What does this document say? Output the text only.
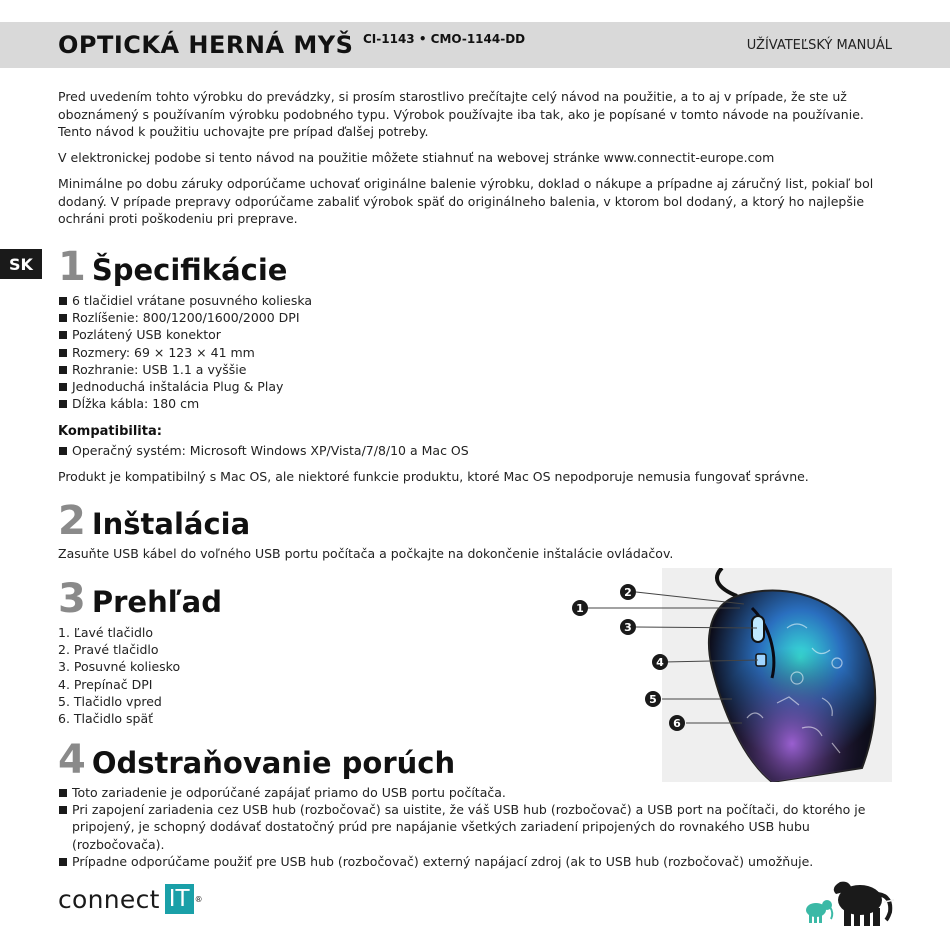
OPTICKÁ HERNÁ MYŠ CI-1143 • CMO-1144-DD	UŽÍVATEĽSKÝ MANUÁL
Pred uvedením tohto výrobku do prevádzky, si prosím starostlivo prečítajte celý návod na použitie, a to aj v prípade, že ste už oboznámený s používaním výrobku podobného typu. Výrobok používajte iba tak, ako je popísané v tomto návode na používanie. Tento návod k použitiu uchovajte pre prípad ďalšej potreby.
V elektronickej podobe si tento návod na použitie môžete stiahnuť na webovej stránke www.connectit-europe.com
Minimálne po dobu záruky odporúčame uchovať originálne balenie výrobku, doklad o nákupe a prípadne aj záručný list, pokiaľ bol dodaný. V prípade prepravy odporúčame zabaliť výrobok späť do originálneho balenia, v ktorom bol dodaný, a ktorý ho najlepšie ochráni proti poškodeniu pri preprave.
SK 1 Špecifikácie
6 tlačidiel vrátane posuvného kolieska
Rozlíšenie: 800/1200/1600/2000 DPI
Pozlátený USB konektor
Rozmery: 69 × 123 × 41 mm
Rozhranie: USB 1.1 a vyššie
Jednoduchá inštalácia Plug & Play
Dĺžka kábla: 180 cm
Kompatibilita:
Operačný systém: Microsoft Windows XP/Vista/7/8/10 a Mac OS
Produkt je kompatibilný s Mac OS, ale niektoré funkcie produktu, ktoré Mac OS nepodporuje nemusia fungovať správne.
2 Inštalácia
Zasuňte USB kábel do voľného USB portu počítača a počkajte na dokončenie inštalácie ovládačov.
3 Prehľad
1. Ľavé tlačidlo
2. Pravé tlačidlo
3. Posuvné koliesko
4. Prepínač DPI
5. Tlačidlo vpred
6. Tlačidlo späť
1
2
3
4
5
6
4 Odstraňovanie porúch
Toto zariadenie je odporúčané zapájať priamo do USB portu počítača.
Pri zapojení zariadenia cez USB hub (rozbočovač) sa uistite, že váš USB hub (rozbočovač) a USB port na počítači, do ktorého je pripojený, je schopný dodávať dostatočný prúd pre napájanie všetkých zariadení pripojených do rovnakého USB hubu (rozbočovača).
Prípadne odporúčame použiť pre USB hub (rozbočovač) externý napájací zdroj (ak to USB hub (rozbočovač) umožňuje.
connect IT ®
